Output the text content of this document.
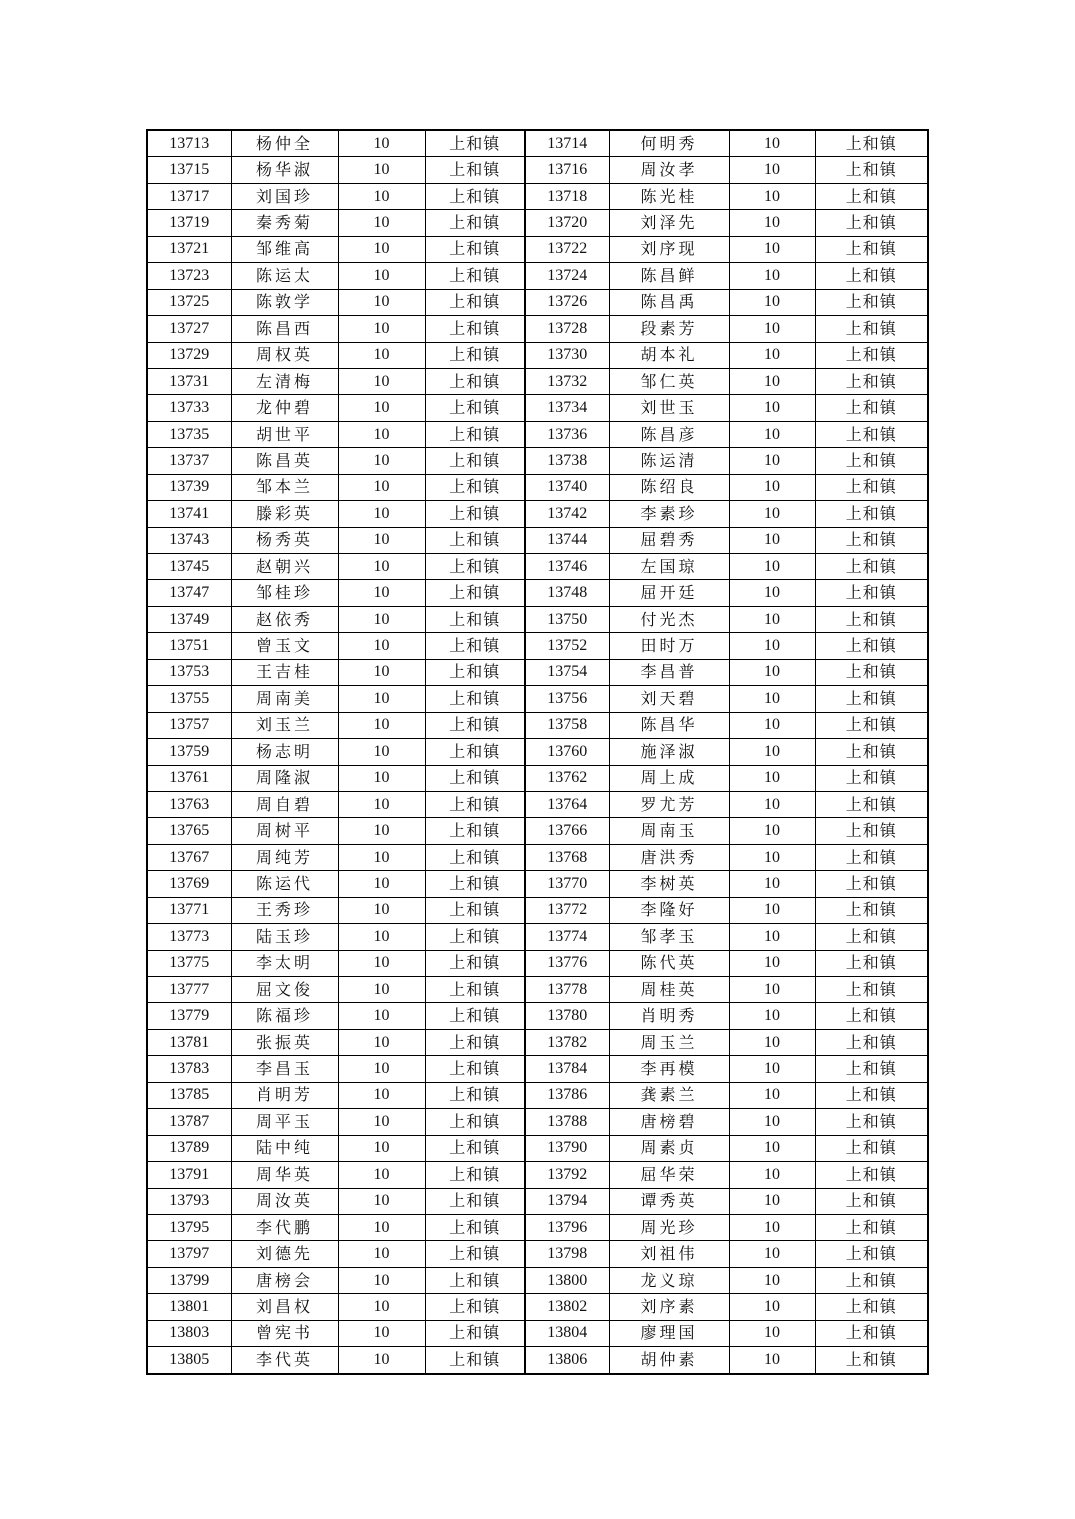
13713	杨仲全	10	上和镇	13714	何明秀	10	上和镇
13715	杨华淑	10	上和镇	13716	周汝孝	10	上和镇
13717	刘国珍	10	上和镇	13718	陈光桂	10	上和镇
13719	秦秀菊	10	上和镇	13720	刘泽先	10	上和镇
13721	邹维高	10	上和镇	13722	刘序现	10	上和镇
13723	陈运太	10	上和镇	13724	陈昌鲜	10	上和镇
13725	陈敦学	10	上和镇	13726	陈昌禹	10	上和镇
13727	陈昌西	10	上和镇	13728	段素芳	10	上和镇
13729	周权英	10	上和镇	13730	胡本礼	10	上和镇
13731	左清梅	10	上和镇	13732	邹仁英	10	上和镇
13733	龙仲碧	10	上和镇	13734	刘世玉	10	上和镇
13735	胡世平	10	上和镇	13736	陈昌彦	10	上和镇
13737	陈昌英	10	上和镇	13738	陈运清	10	上和镇
13739	邹本兰	10	上和镇	13740	陈绍良	10	上和镇
13741	滕彩英	10	上和镇	13742	李素珍	10	上和镇
13743	杨秀英	10	上和镇	13744	屈碧秀	10	上和镇
13745	赵朝兴	10	上和镇	13746	左国琼	10	上和镇
13747	邹桂珍	10	上和镇	13748	屈开廷	10	上和镇
13749	赵依秀	10	上和镇	13750	付光杰	10	上和镇
13751	曾玉文	10	上和镇	13752	田时万	10	上和镇
13753	王吉桂	10	上和镇	13754	李昌普	10	上和镇
13755	周南美	10	上和镇	13756	刘天碧	10	上和镇
13757	刘玉兰	10	上和镇	13758	陈昌华	10	上和镇
13759	杨志明	10	上和镇	13760	施泽淑	10	上和镇
13761	周隆淑	10	上和镇	13762	周上成	10	上和镇
13763	周自碧	10	上和镇	13764	罗尤芳	10	上和镇
13765	周树平	10	上和镇	13766	周南玉	10	上和镇
13767	周纯芳	10	上和镇	13768	唐洪秀	10	上和镇
13769	陈运代	10	上和镇	13770	李树英	10	上和镇
13771	王秀珍	10	上和镇	13772	李隆好	10	上和镇
13773	陆玉珍	10	上和镇	13774	邹孝玉	10	上和镇
13775	李太明	10	上和镇	13776	陈代英	10	上和镇
13777	屈文俊	10	上和镇	13778	周桂英	10	上和镇
13779	陈福珍	10	上和镇	13780	肖明秀	10	上和镇
13781	张振英	10	上和镇	13782	周玉兰	10	上和镇
13783	李昌玉	10	上和镇	13784	李再模	10	上和镇
13785	肖明芳	10	上和镇	13786	龚素兰	10	上和镇
13787	周平玉	10	上和镇	13788	唐榜碧	10	上和镇
13789	陆中纯	10	上和镇	13790	周素贞	10	上和镇
13791	周华英	10	上和镇	13792	屈华荣	10	上和镇
13793	周汝英	10	上和镇	13794	谭秀英	10	上和镇
13795	李代鹏	10	上和镇	13796	周光珍	10	上和镇
13797	刘德先	10	上和镇	13798	刘祖伟	10	上和镇
13799	唐榜会	10	上和镇	13800	龙义琼	10	上和镇
13801	刘昌权	10	上和镇	13802	刘序素	10	上和镇
13803	曾宪书	10	上和镇	13804	廖理国	10	上和镇
13805	李代英	10	上和镇	13806	胡仲素	10	上和镇
